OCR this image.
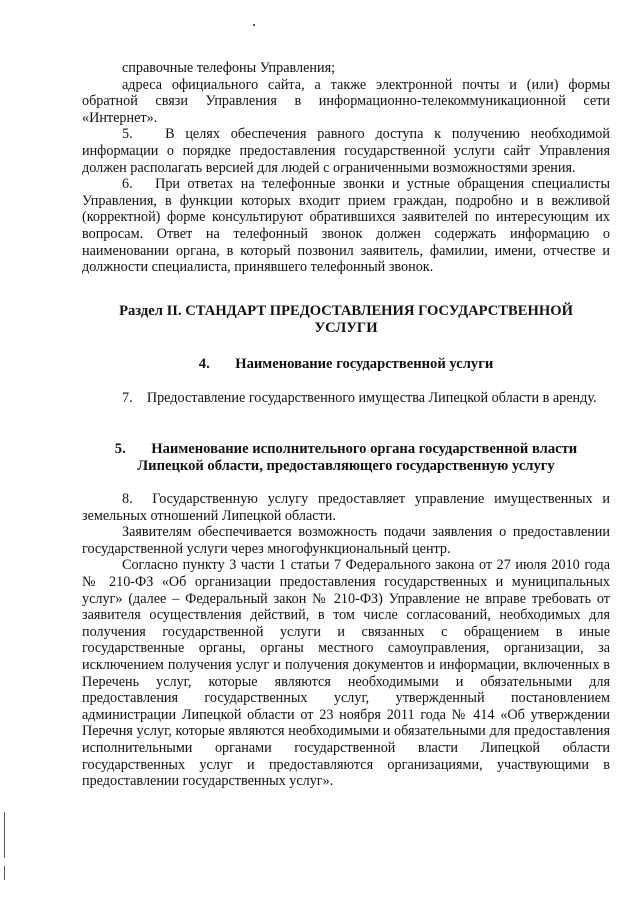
справочные телефоны Управления;

адреса официального сайта, а также электронной почты и (или) формы обратной связи Управления в информационно-телекоммуникационной сети «Интернет».

5.   В целях обеспечения равного доступа к получению необходимой информации о порядке предоставления государственной услуги сайт Управления должен располагать версией для людей с ограниченными возможностями зрения.

6.   При ответах на телефонные звонки и устные обращения специалисты Управления, в функции которых входит прием граждан, подробно и в вежливой (корректной) форме консультируют обратившихся заявителей по интересующим их вопросам. Ответ на телефонный звонок должен содержать информацию о наименовании органа, в который позвонил заявитель, фамилии, имени, отчестве и должности специалиста, принявшего телефонный звонок.

Раздел II. СТАНДАРТ ПРЕДОСТАВЛЕНИЯ ГОСУДАРСТВЕННОЙ

УСЛУГИ

4.       Наименование государственной услуги

7.    Предоставление государственного имущества Липецкой области в аренду.

5.       Наименование исполнительного органа государственной власти

Липецкой области, предоставляющего государственную услугу

8.  Государственную услугу предоставляет управление имущественных и земельных отношений Липецкой области.

Заявителям обеспечивается возможность подачи заявления о предоставлении государственной услуги через многофункциональный центр.

Согласно пункту 3 части 1 статьи 7 Федерального закона от 27 июля 2010 года № 210-ФЗ «Об организации предоставления государственных и муниципальных услуг» (далее – Федеральный закон № 210-ФЗ) Управление не вправе требовать от заявителя осуществления действий, в том числе согласований, необходимых для получения государственной услуги и связанных с обращением в иные государственные органы, органы местного самоуправления, организации, за исключением получения услуг и получения документов и информации, включенных в Перечень услуг, которые являются необходимыми и обязательными для предоставления государственных услуг, утвержденный постановлением администрации Липецкой области от 23 ноября 2011 года № 414 «Об утверждении Перечня услуг, которые являются необходимыми и обязательными для предоставления исполнительными органами государственной власти Липецкой области государственных услуг и предоставляются организациями, участвующими в предоставлении государственных услуг».
